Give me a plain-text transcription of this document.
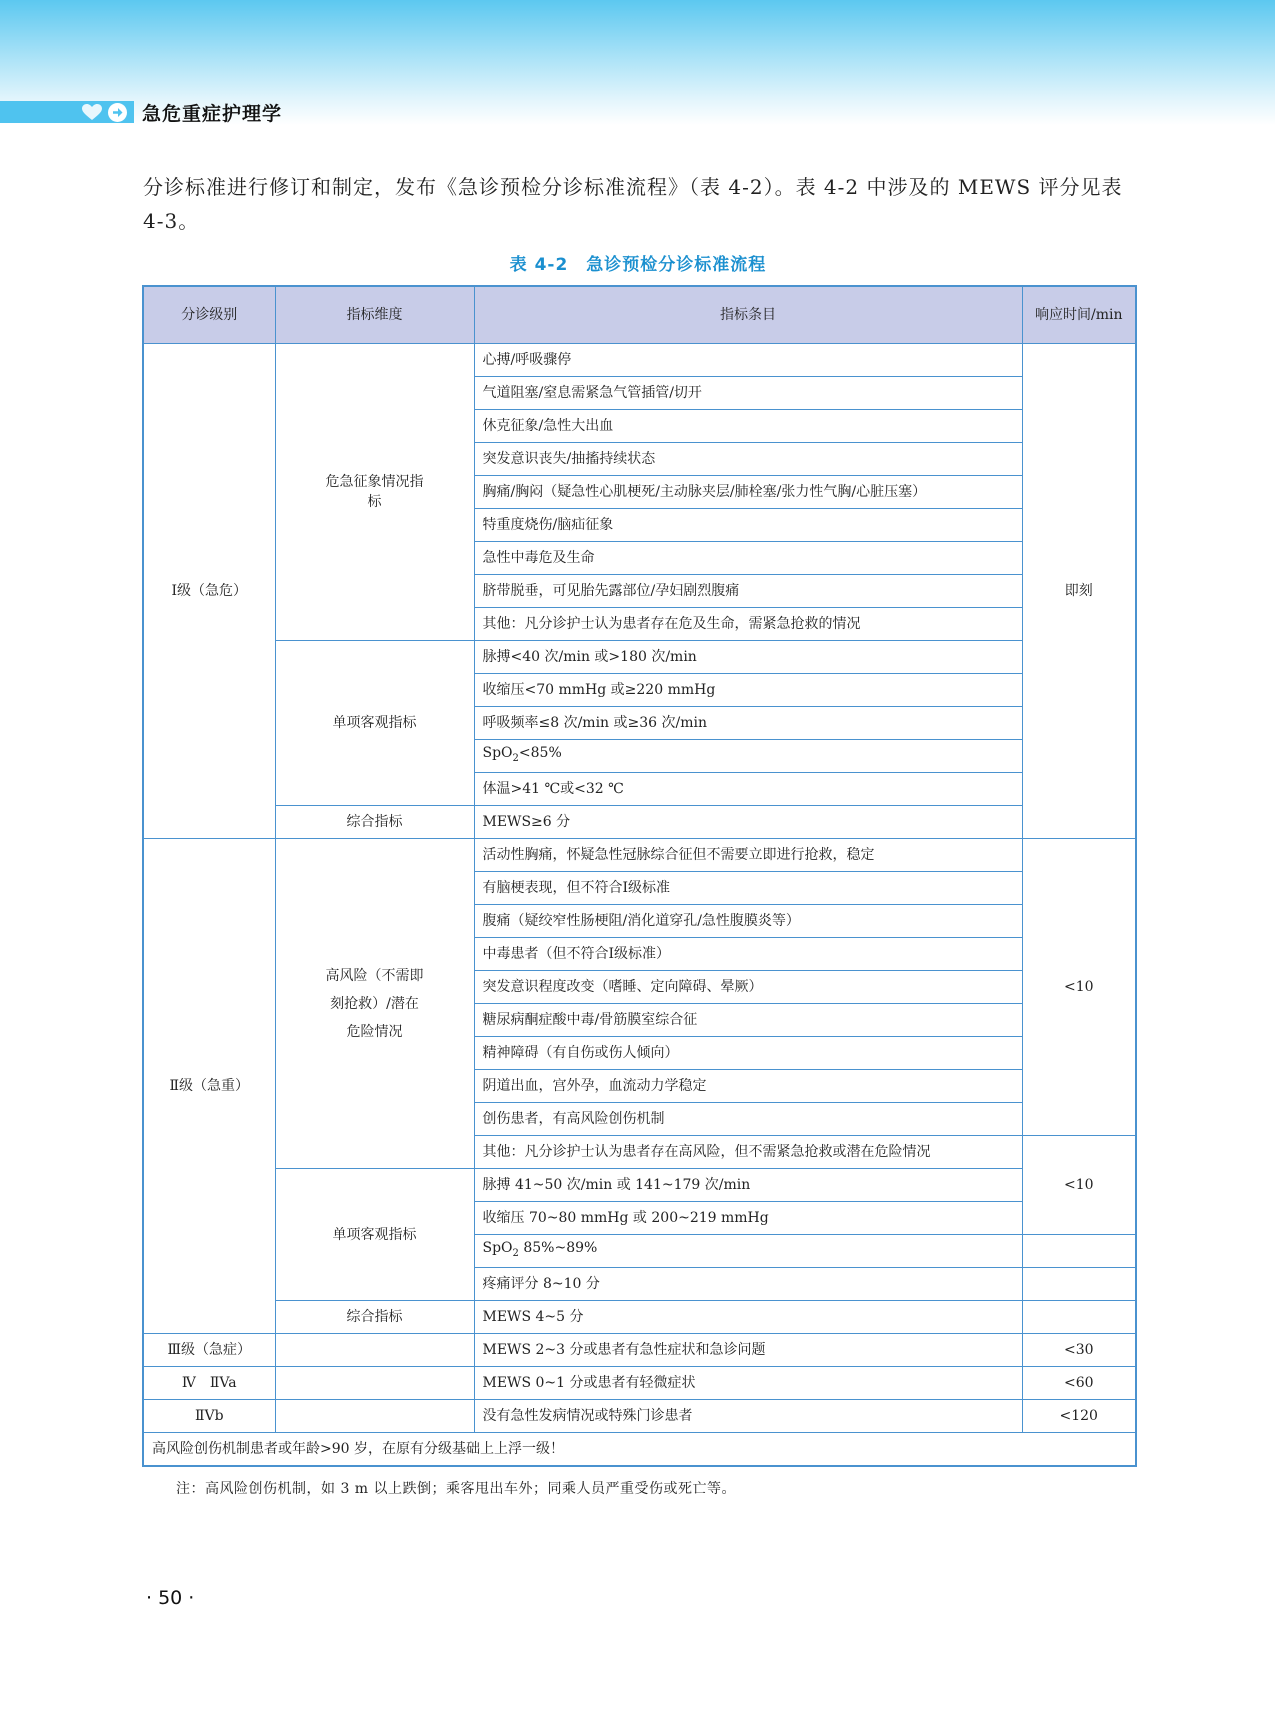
急危重症护理学
分诊标准进行修订和制定，发布《急诊预检分诊标准流程》（表 4-2）。表 4-2 中涉及的 MEWS 评分见表 4-3。
表 4-2　急诊预检分诊标准流程
分诊级别	指标维度	指标条目	响应时间/min
Ⅰ级（急危）	危急征象情况指标	心搏/呼吸骤停	即刻
		气道阻塞/窒息需紧急气管插管/切开	
		休克征象/急性大出血	
		突发意识丧失/抽搐持续状态	
		胸痛/胸闷（疑急性心肌梗死/主动脉夹层/肺栓塞/张力性气胸/心脏压塞）	
		特重度烧伤/脑疝征象	
		急性中毒危及生命	
		脐带脱垂，可见胎先露部位/孕妇剧烈腹痛	
		其他：凡分诊护士认为患者存在危及生命，需紧急抢救的情况	
	单项客观指标	脉搏<40 次/min 或>180 次/min	
		收缩压<70 mmHg 或≥220 mmHg	
		呼吸频率≤8 次/min 或≥36 次/min	
		SpO$_2$<85%	
		体温>41 ℃或<32 ℃	
	综合指标	MEWS≥6 分	
Ⅱ级（急重）	高风险（不需即刻抢救）/潜在危险情况	活动性胸痛，怀疑急性冠脉综合征但不需要立即进行抢救，稳定	<10
		有脑梗表现，但不符合Ⅰ级标准	
		腹痛（疑绞窄性肠梗阻/消化道穿孔/急性腹膜炎等）	
		中毒患者（但不符合Ⅰ级标准）	
		突发意识程度改变（嗜睡、定向障碍、晕厥）	
		糖尿病酮症酸中毒/骨筋膜室综合征	
		精神障碍（有自伤或伤人倾向）	
		阴道出血，宫外孕，血流动力学稳定	
		创伤患者，有高风险创伤机制	
		其他：凡分诊护士认为患者存在高风险，但不需紧急抢救或潜在危险情况	<10
	单项客观指标	脉搏 41~50 次/min 或 141~179 次/min	
		收缩压 70~80 mmHg 或 200~219 mmHg	
		SpO$_2$ 85%~89%	
		疼痛评分 8~10 分	
	综合指标	MEWS 4~5 分	
Ⅲ级（急症）		MEWS 2~3 分或患者有急性症状和急诊问题	<30
Ⅳ　ⅡVa		MEWS 0~1 分或患者有轻微症状	<60
ⅡVb		没有急性发病情况或特殊门诊患者	<120
高风险创伤机制患者或年龄>90 岁，在原有分级基础上上浮一级！			
注：高风险创伤机制，如 3 m 以上跌倒；乘客甩出车外；同乘人员严重受伤或死亡等。
· 50 ·
